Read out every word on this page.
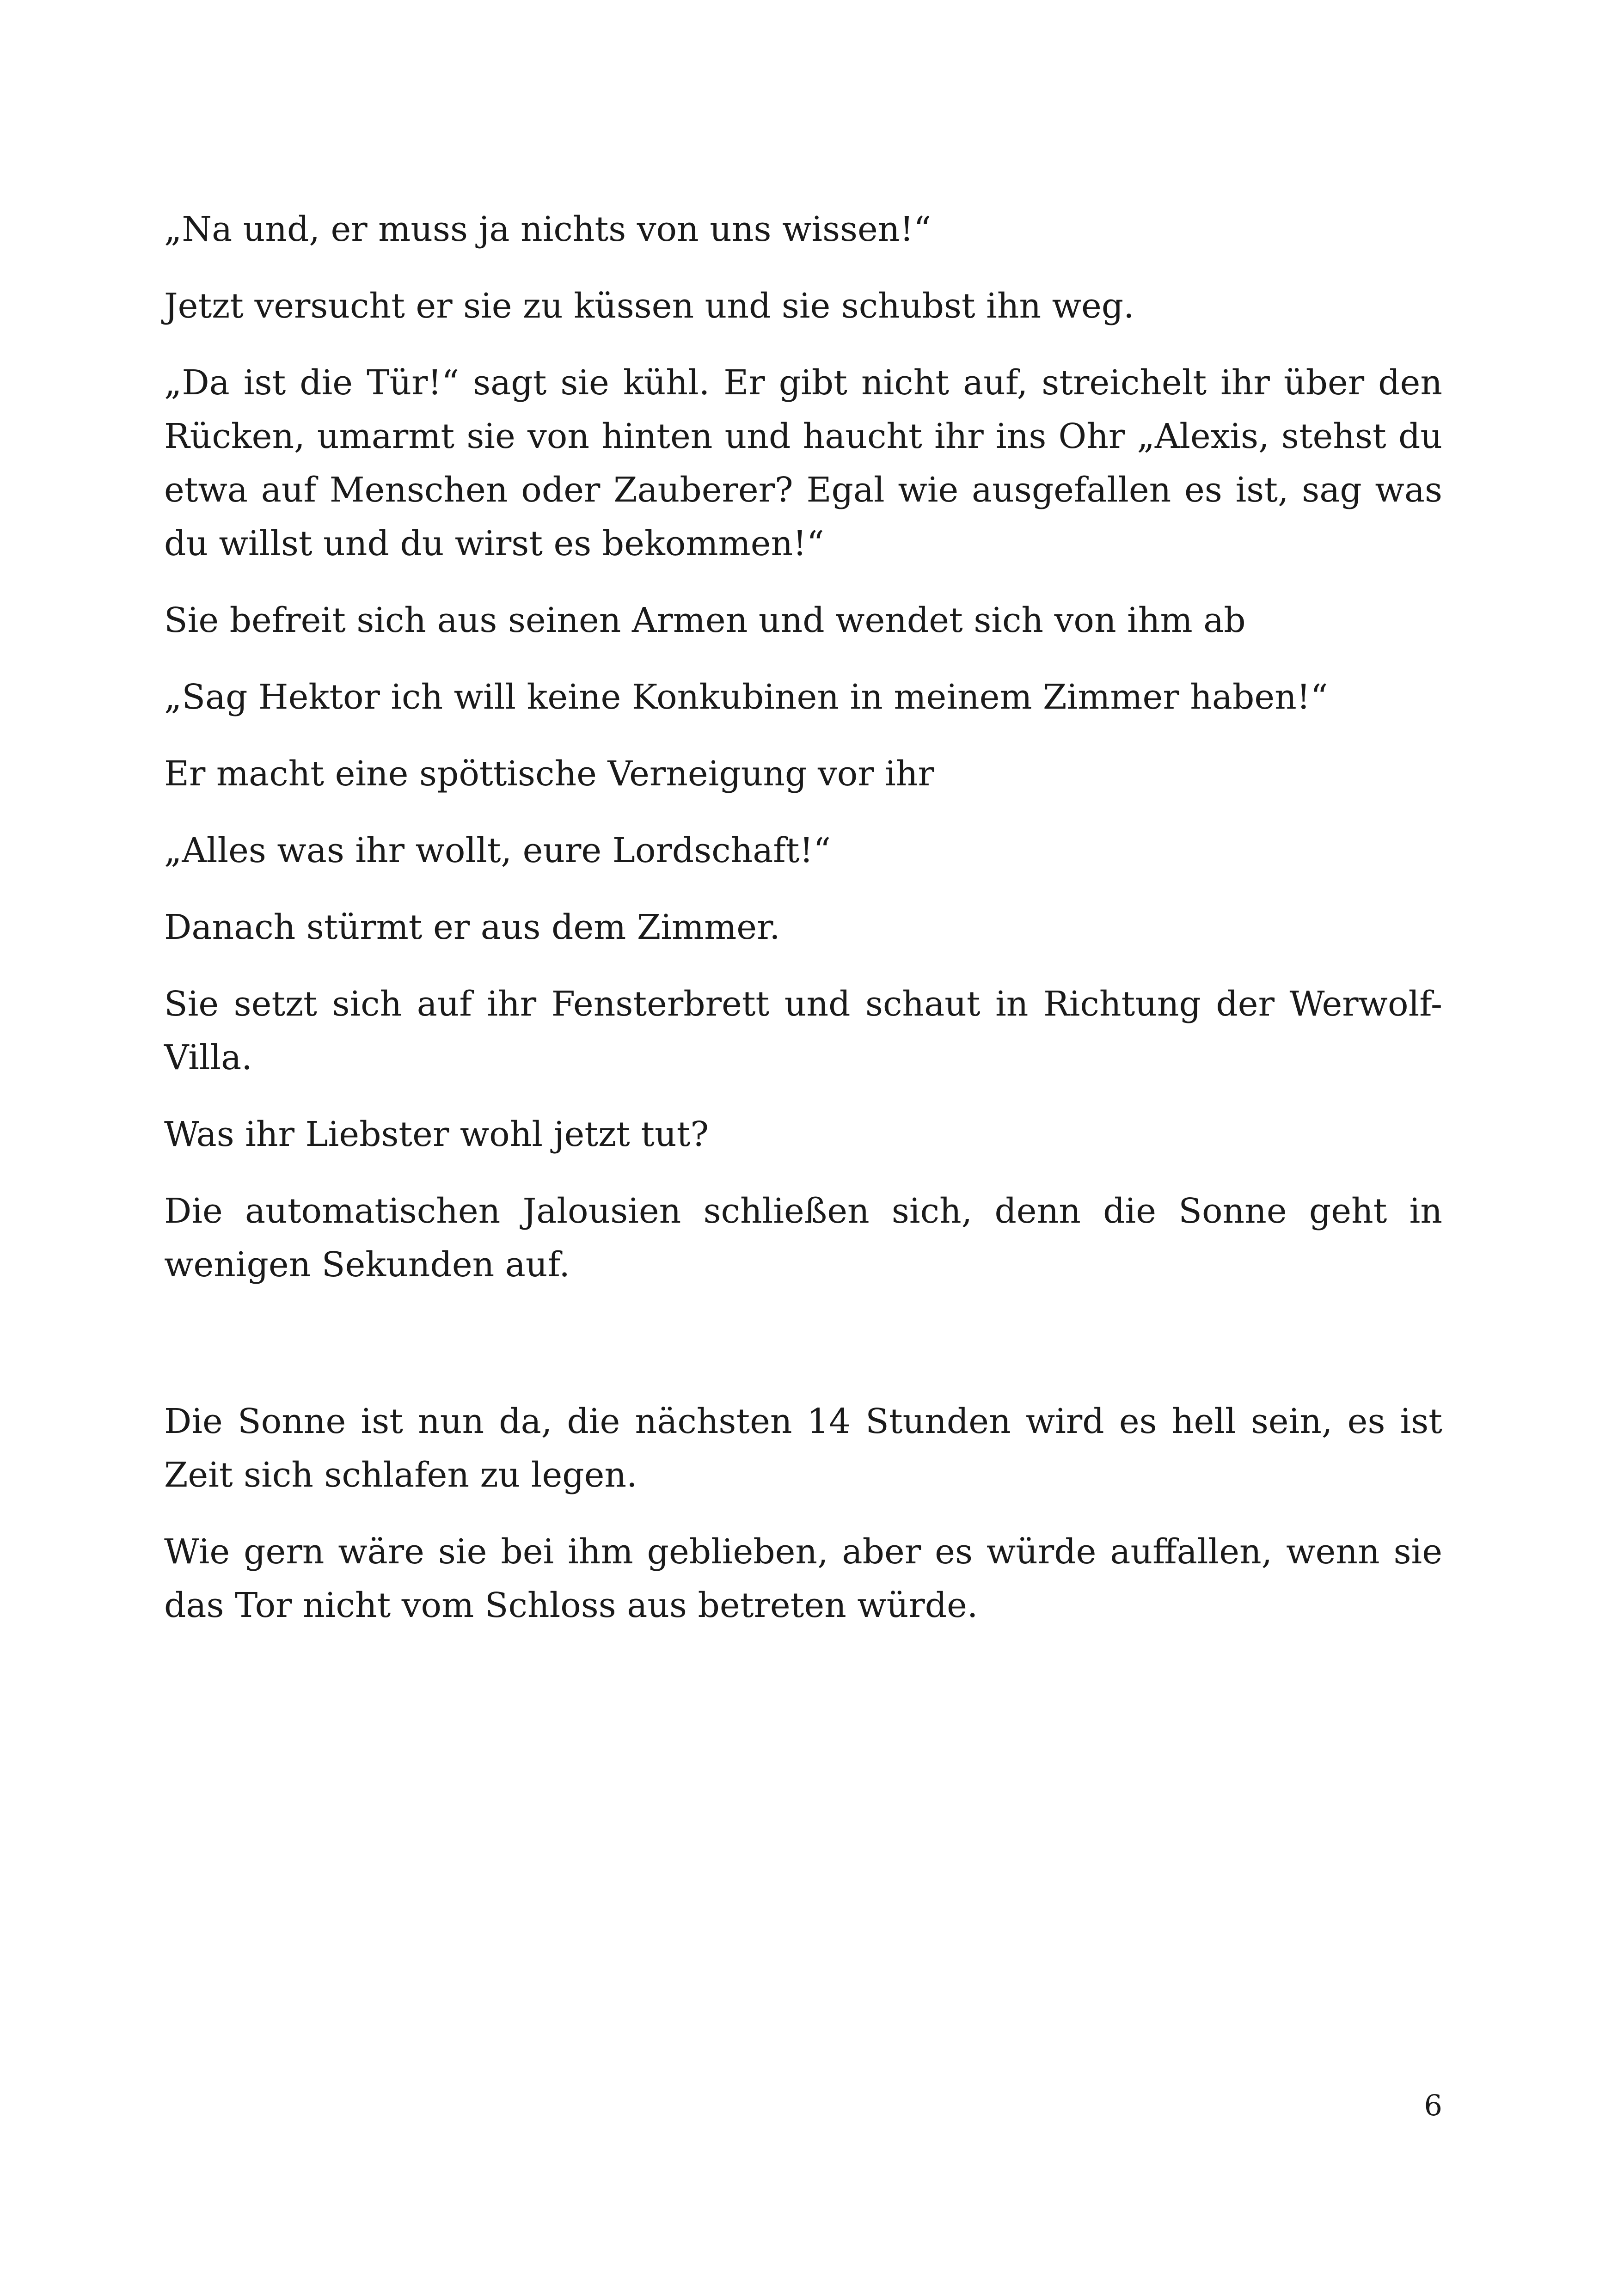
„Na und, er muss ja nichts von uns wissen!“

Jetzt versucht er sie zu küssen und sie schubst ihn weg.

„Da ist die Tür!“ sagt sie kühl. Er gibt nicht auf, streichelt ihr über den Rücken, umarmt sie von hinten und haucht ihr ins Ohr „Alexis, stehst du etwa auf Menschen oder Zauberer? Egal wie ausgefallen es ist, sag was du willst und du wirst es bekommen!“

Sie befreit sich aus seinen Armen und wendet sich von ihm ab

„Sag Hektor ich will keine Konkubinen in meinem Zimmer haben!“

Er macht eine spöttische Verneigung vor ihr

„Alles was ihr wollt, eure Lordschaft!“

Danach stürmt er aus dem Zimmer.

Sie setzt sich auf ihr Fensterbrett und schaut in Richtung der Werwolf-Villa.

Was ihr Liebster wohl jetzt tut?

Die automatischen Jalousien schließen sich, denn die Sonne geht in wenigen Sekunden auf.

Die Sonne ist nun da, die nächsten 14 Stunden wird es hell sein, es ist Zeit sich schlafen zu legen.

Wie gern wäre sie bei ihm geblieben, aber es würde auffallen, wenn sie das Tor nicht vom Schloss aus betreten würde.

6
